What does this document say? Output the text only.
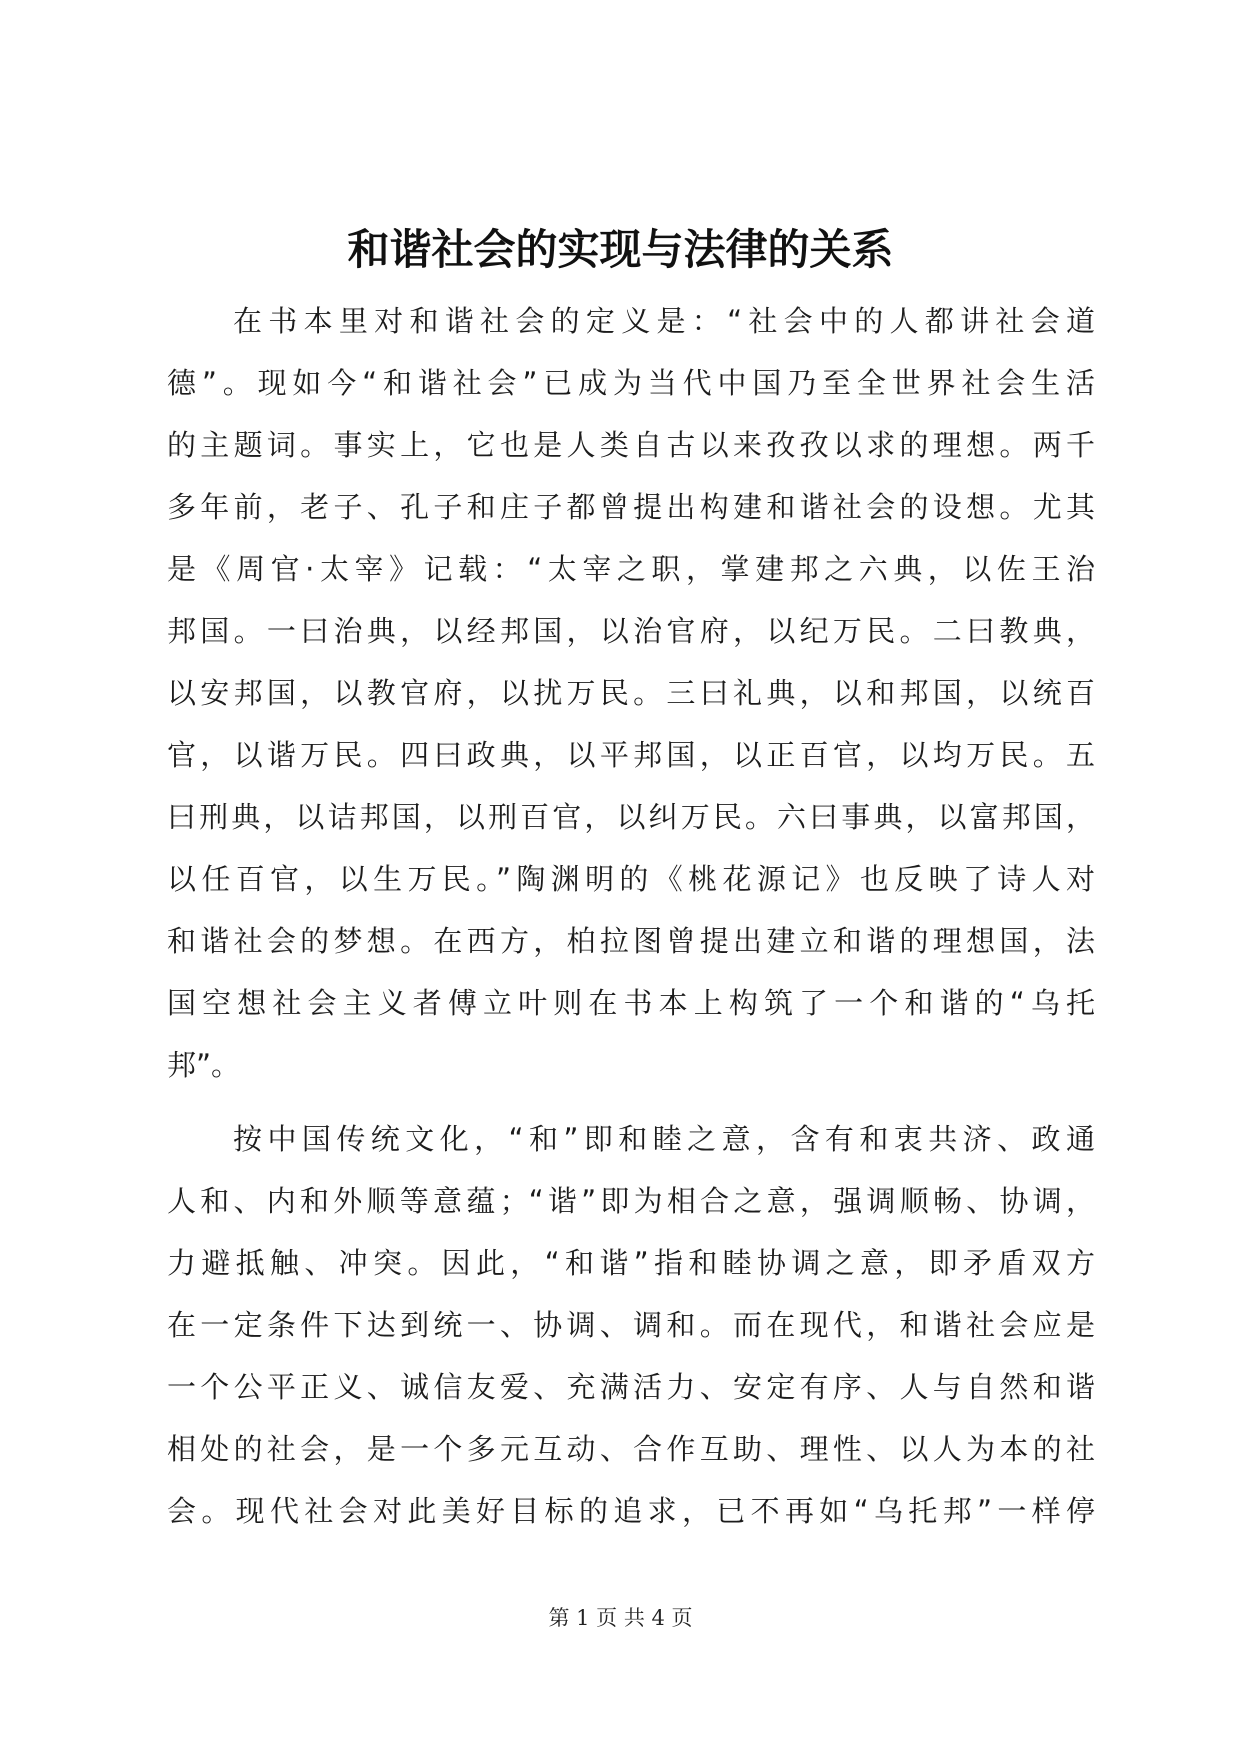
和谐社会的实现与法律的关系
在书本里对和谐社会的定义是：“社会中的人都讲社会道
德”。现如今“和谐社会”已成为当代中国乃至全世界社会生活
的主题词。事实上，它也是人类自古以来孜孜以求的理想。两千
多年前，老子、孔子和庄子都曾提出构建和谐社会的设想。尤其
是《周官·太宰》记载：“太宰之职，掌建邦之六典，以佐王治
邦国。一曰治典，以经邦国，以治官府，以纪万民。二曰教典，
以安邦国，以教官府，以扰万民。三曰礼典，以和邦国，以统百
官，以谐万民。四曰政典，以平邦国，以正百官，以均万民。五
曰刑典，以诘邦国，以刑百官，以纠万民。六曰事典，以富邦国，
以任百官，以生万民。”陶渊明的《桃花源记》也反映了诗人对
和谐社会的梦想。在西方，柏拉图曾提出建立和谐的理想国，法
国空想社会主义者傅立叶则在书本上构筑了一个和谐的“乌托
邦”。
按中国传统文化，“和”即和睦之意，含有和衷共济、政通
人和、内和外顺等意蕴；“谐”即为相合之意，强调顺畅、协调，
力避抵触、冲突。因此，“和谐”指和睦协调之意，即矛盾双方
在一定条件下达到统一、协调、调和。而在现代，和谐社会应是
一个公平正义、诚信友爱、充满活力、安定有序、人与自然和谐
相处的社会，是一个多元互动、合作互助、理性、以人为本的社
会。现代社会对此美好目标的追求，已不再如“乌托邦”一样停
第 1 页 共 4 页
